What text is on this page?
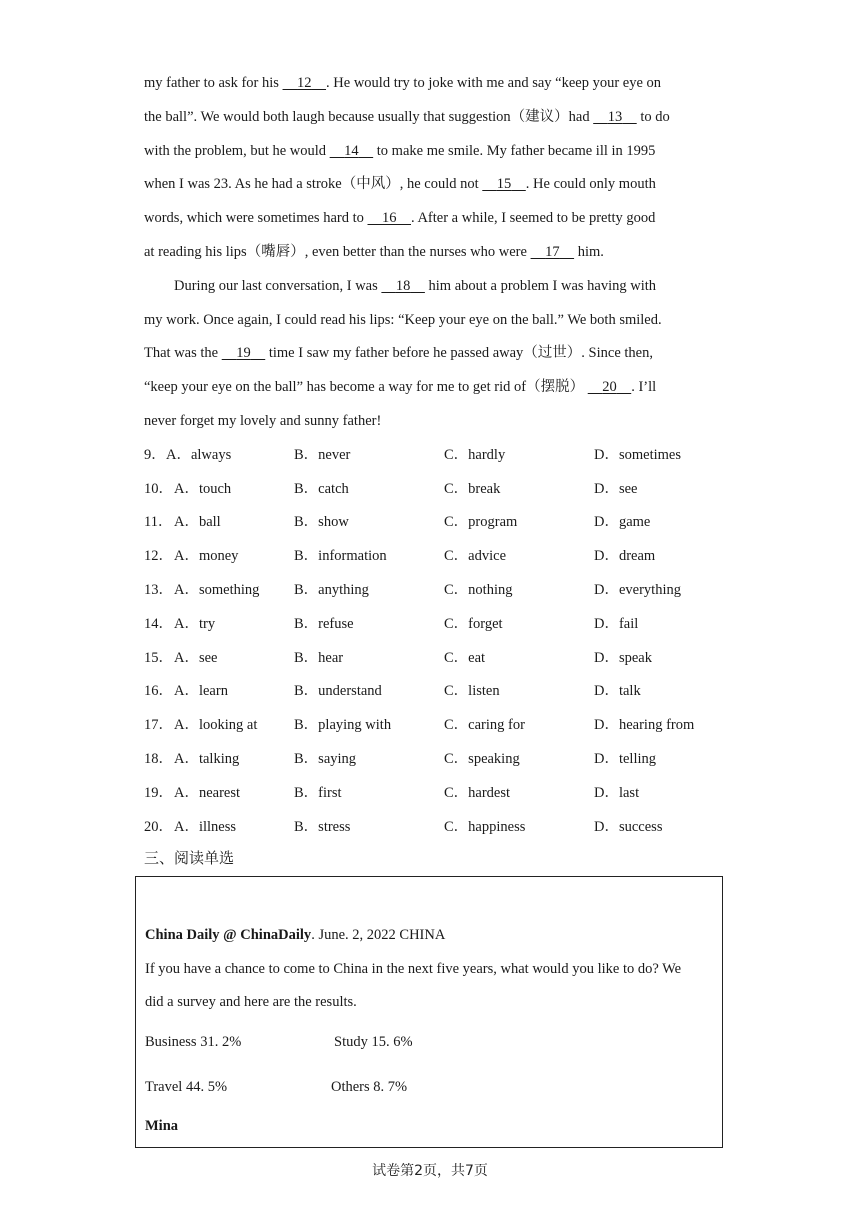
my father to ask for his 12 . He would try to joke with me and say “keep your eye on
the ball”. We would both laugh because usually that suggestion（建议）had 13 to do
with the problem, but he would 14 to make me smile. My father became ill in 1995
when I was 23. As he had a stroke（中风）, he could not 15 . He could only mouth
words, which were sometimes hard to 16 . After a while, I seemed to be pretty good
at reading his lips（嘴唇）, even better than the nurses who were 17 him.
During our last conversation, I was 18 him about a problem I was having with
my work. Once again, I could read his lips: “Keep your eye on the ball.” We both smiled.
That was the 19 time I saw my father before he passed away（过世）. Since then,
“keep your eye on the ball” has become a way for me to get rid of（摆脱） 20 . I’ll
never forget my lovely and sunny father!
9． A．always	B．never	C．hardly	D．sometimes
10． A．touch	B．catch	C．break	D．see
11． A．ball	B．show	C．program	D．game
12． A．money	B．information	C．advice	D．dream
13． A．something B．anything	C．nothing	D．everything
14． A．try	B．refuse	C．forget	D．fail
15． A．see	B．hear	C．eat	D．speak
16． A．learn	B．understand	C．listen	D．talk
17． A．looking at	B．playing with	C．caring for	D．hearing from
18． A．talking	B．saying	C．speaking	D．telling
19． A．nearest	B．first	C．hardest	D．last
20． A．illness	B．stress	C．happiness	D．success
三、阅读单选
China Daily @ ChinaDaily. June. 2, 2022 CHINA
If you have a chance to come to China in the next five years, what would you like to do? We
did a survey and here are the results.
Business 31. 2%	Study 15. 6%
Travel 44. 5%	Others 8. 7%
Mina
试卷第2页，共7页
